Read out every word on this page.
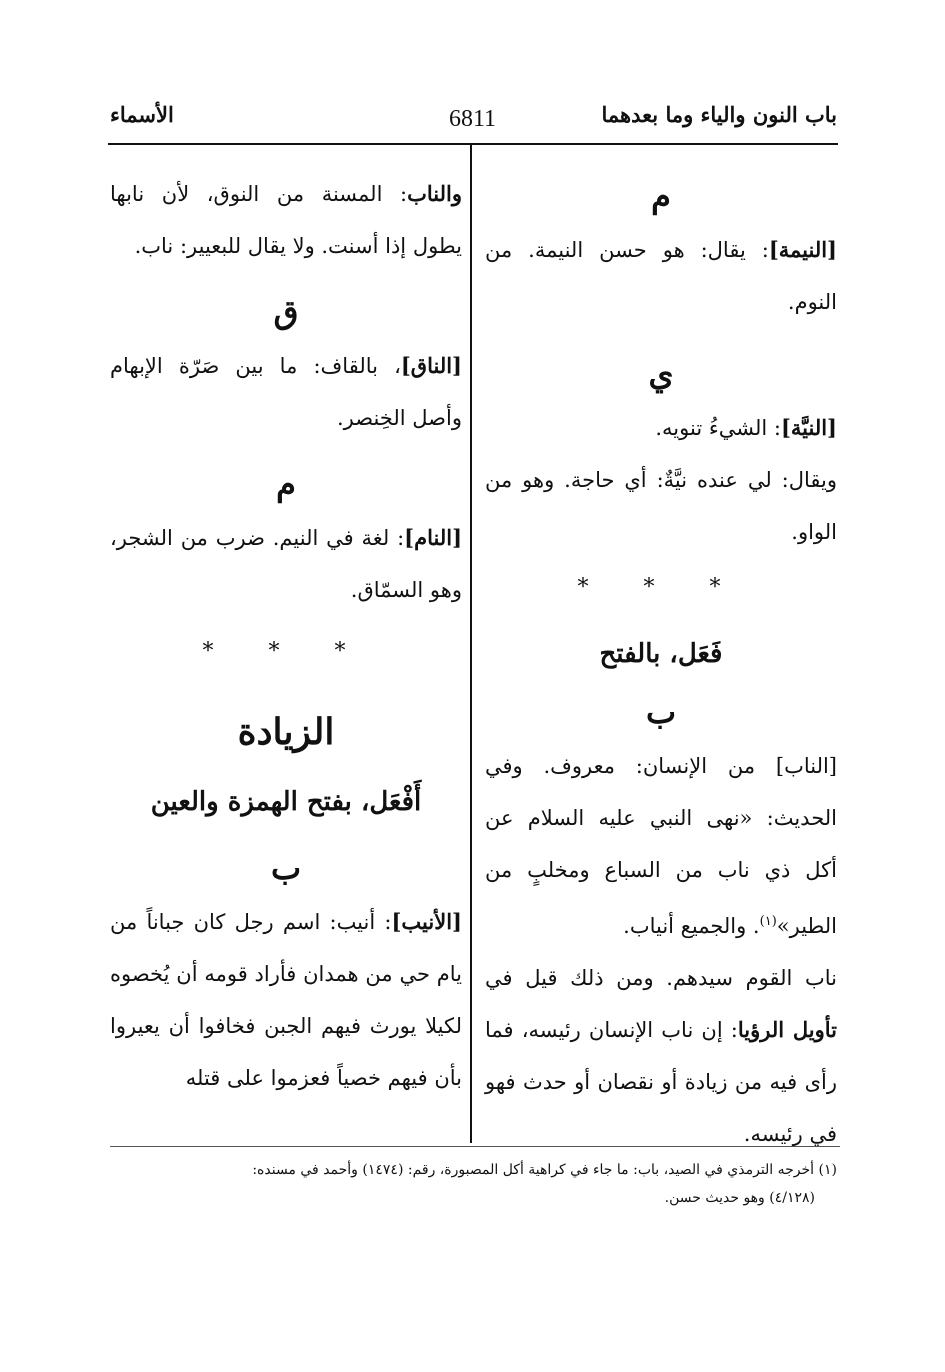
باب النون والياء وما بعدهما
6811
الأسماء

م

[النيمة]: يقال: هو حسن النيمة. من النوم.

ي

[النيَّة]: الشيءُ تنويه.

ويقال: لي عنده نيَّةٌ: أي حاجة. وهو من الواو.

* * *

فَعَل، بالفتح

ب

[الناب] من الإنسان: معروف. وفي الحديث: «نهى النبي عليه السلام عن أكل ذي ناب من السباع ومخلبٍ من الطير»$^{(١)}$. والجميع أنياب.

ناب القوم سيدهم. ومن ذلك قيل في تأويل الرؤيا: إن ناب الإنسان رئيسه، فما رأى فيه من زيادة أو نقصان أو حدث فهو في رئيسه.

والناب: المسنة من النوق، لأن نابها يطول إذا أسنت. ولا يقال للبعيير: ناب.

ق

[الناق]، بالقاف: ما بين صَرّة الإبهام وأصل الخِنصر.

م

[النام]: لغة في النيم. ضرب من الشجر، وهو السمّاق.

* * *

الزيادة

أَفْعَل، بفتح الهمزة والعين

ب

[الأنيب]: أنيب: اسم رجل كان جباناً من يام حي من همدان فأراد قومه أن يُخصوه لكيلا يورث فيهم الجبن فخافوا أن يعيروا بأن فيهم خصياً فعزموا على قتله

(١) أخرجه الترمذي في الصيد، باب: ما جاء في كراهية أكل المصبورة، رقم: (١٤٧٤) وأحمد في مسنده:

(٤/١٢٨) وهو حديث حسن.
